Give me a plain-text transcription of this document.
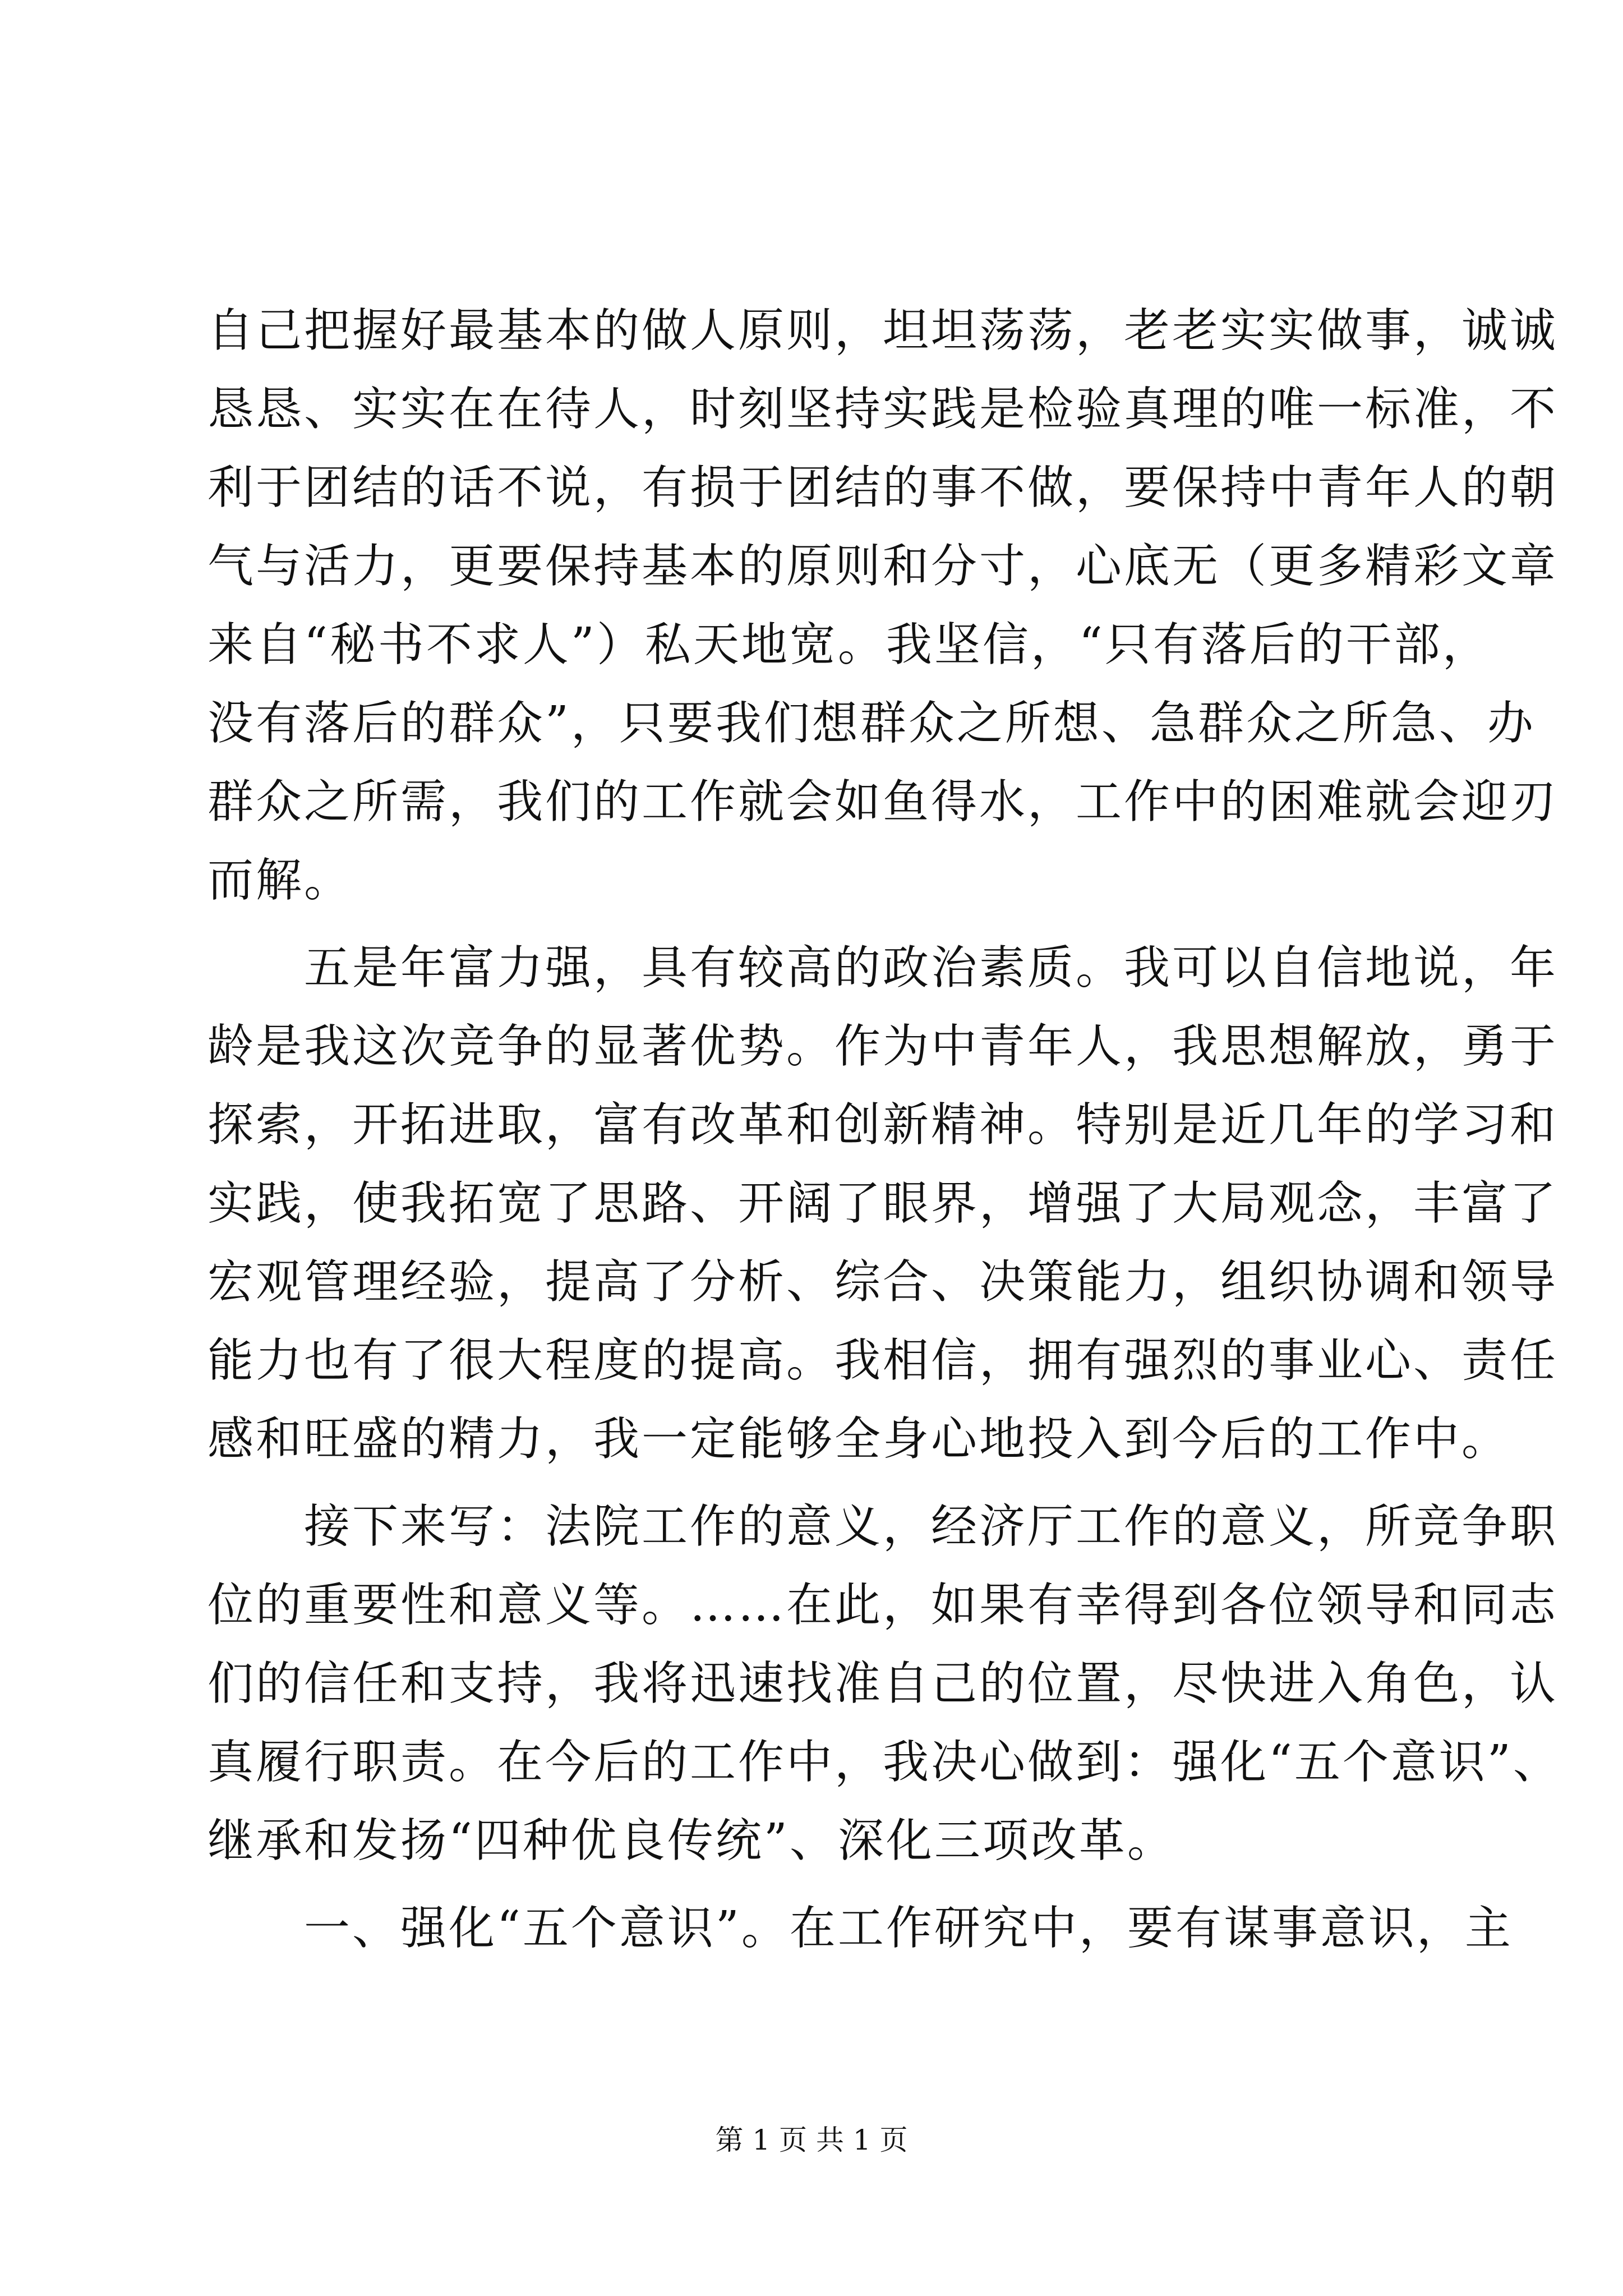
自己把握好最基本的做人原则，坦坦荡荡，老老实实做事，诚诚
恳恳、实实在在待人，时刻坚持实践是检验真理的唯一标准，不
利于团结的话不说，有损于团结的事不做，要保持中青年人的朝
气与活力，更要保持基本的原则和分寸，心底无（更多精彩文章
来自“秘书不求人”）私天地宽。我坚信，“只有落后的干部，
没有落后的群众”，只要我们想群众之所想、急群众之所急、办
群众之所需，我们的工作就会如鱼得水，工作中的困难就会迎刃
而解。
　　五是年富力强，具有较高的政治素质。我可以自信地说，年
龄是我这次竞争的显著优势。作为中青年人，我思想解放，勇于
探索，开拓进取，富有改革和创新精神。特别是近几年的学习和
实践，使我拓宽了思路、开阔了眼界，增强了大局观念，丰富了
宏观管理经验，提高了分析、综合、决策能力，组织协调和领导
能力也有了很大程度的提高。我相信，拥有强烈的事业心、责任
感和旺盛的精力，我一定能够全身心地投入到今后的工作中。
　　接下来写：法院工作的意义，经济厅工作的意义，所竞争职
位的重要性和意义等。……在此，如果有幸得到各位领导和同志
们的信任和支持，我将迅速找准自己的位置，尽快进入角色，认
真履行职责。在今后的工作中，我决心做到：强化“五个意识”、
继承和发扬“四种优良传统”、深化三项改革。
　　一、强化“五个意识”。在工作研究中，要有谋事意识，主
第 1 页 共 1 页
